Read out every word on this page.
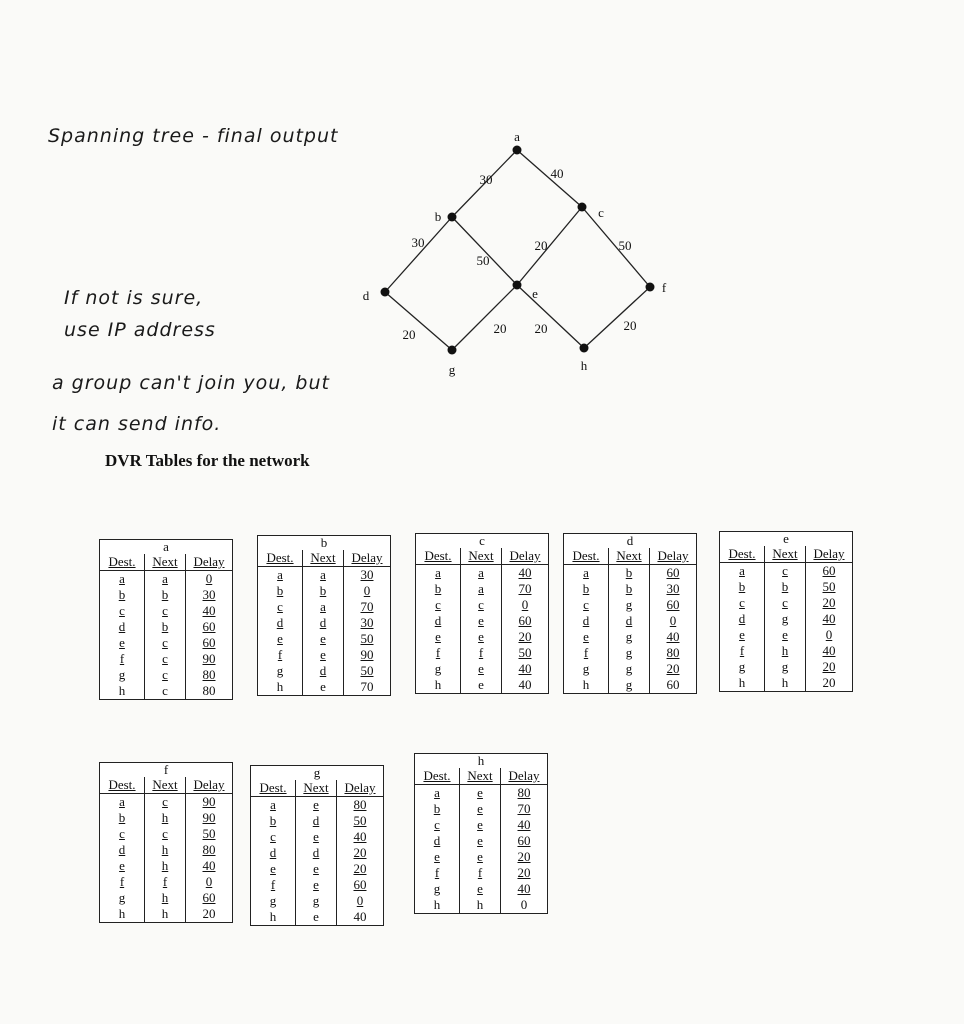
Spanning tree - final output
If not is sure,
use IP address
a group can't join you, but
it can send info.
30	40
30
50
20	50
20	20 20	20
a
b	c
d	e	f
g	h
DVR Tables for the network
a		
Dest.	Next	Delay
a	a	0
b	b	30
c	c	40
d	b	60
e	c	60
f	c	90
g	c	80
h	c	80
b		
Dest.	Next	Delay
a	a	30
b	b	0
c	a	70
d	d	30
e	e	50
f	e	90
g	d	50
h	e	70
c		
Dest.	Next	Delay
a	a	40
b	a	70
c	c	0
d	e	60
e	e	20
f	f	50
g	e	40
h	e	40
d		
Dest.	Next	Delay
a	b	60
b	b	30
c	g	60
d	d	0
e	g	40
f	g	80
g	g	20
h	g	60
e		
Dest.	Next	Delay
a	c	60
b	b	50
c	c	20
d	g	40
e	e	0
f	h	40
g	g	20
h	h	20
f		
Dest.	Next	Delay
a	c	90
b	h	90
c	c	50
d	h	80
e	h	40
f	f	0
g	h	60
h	h	20
g		
Dest.	Next	Delay
a	e	80
b	d	50
c	e	40
d	d	20
e	e	20
f	e	60
g	g	0
h	e	40
h		
Dest.	Next	Delay
a	e	80
b	e	70
c	e	40
d	e	60
e	e	20
f	f	20
g	e	40
h	h	0
